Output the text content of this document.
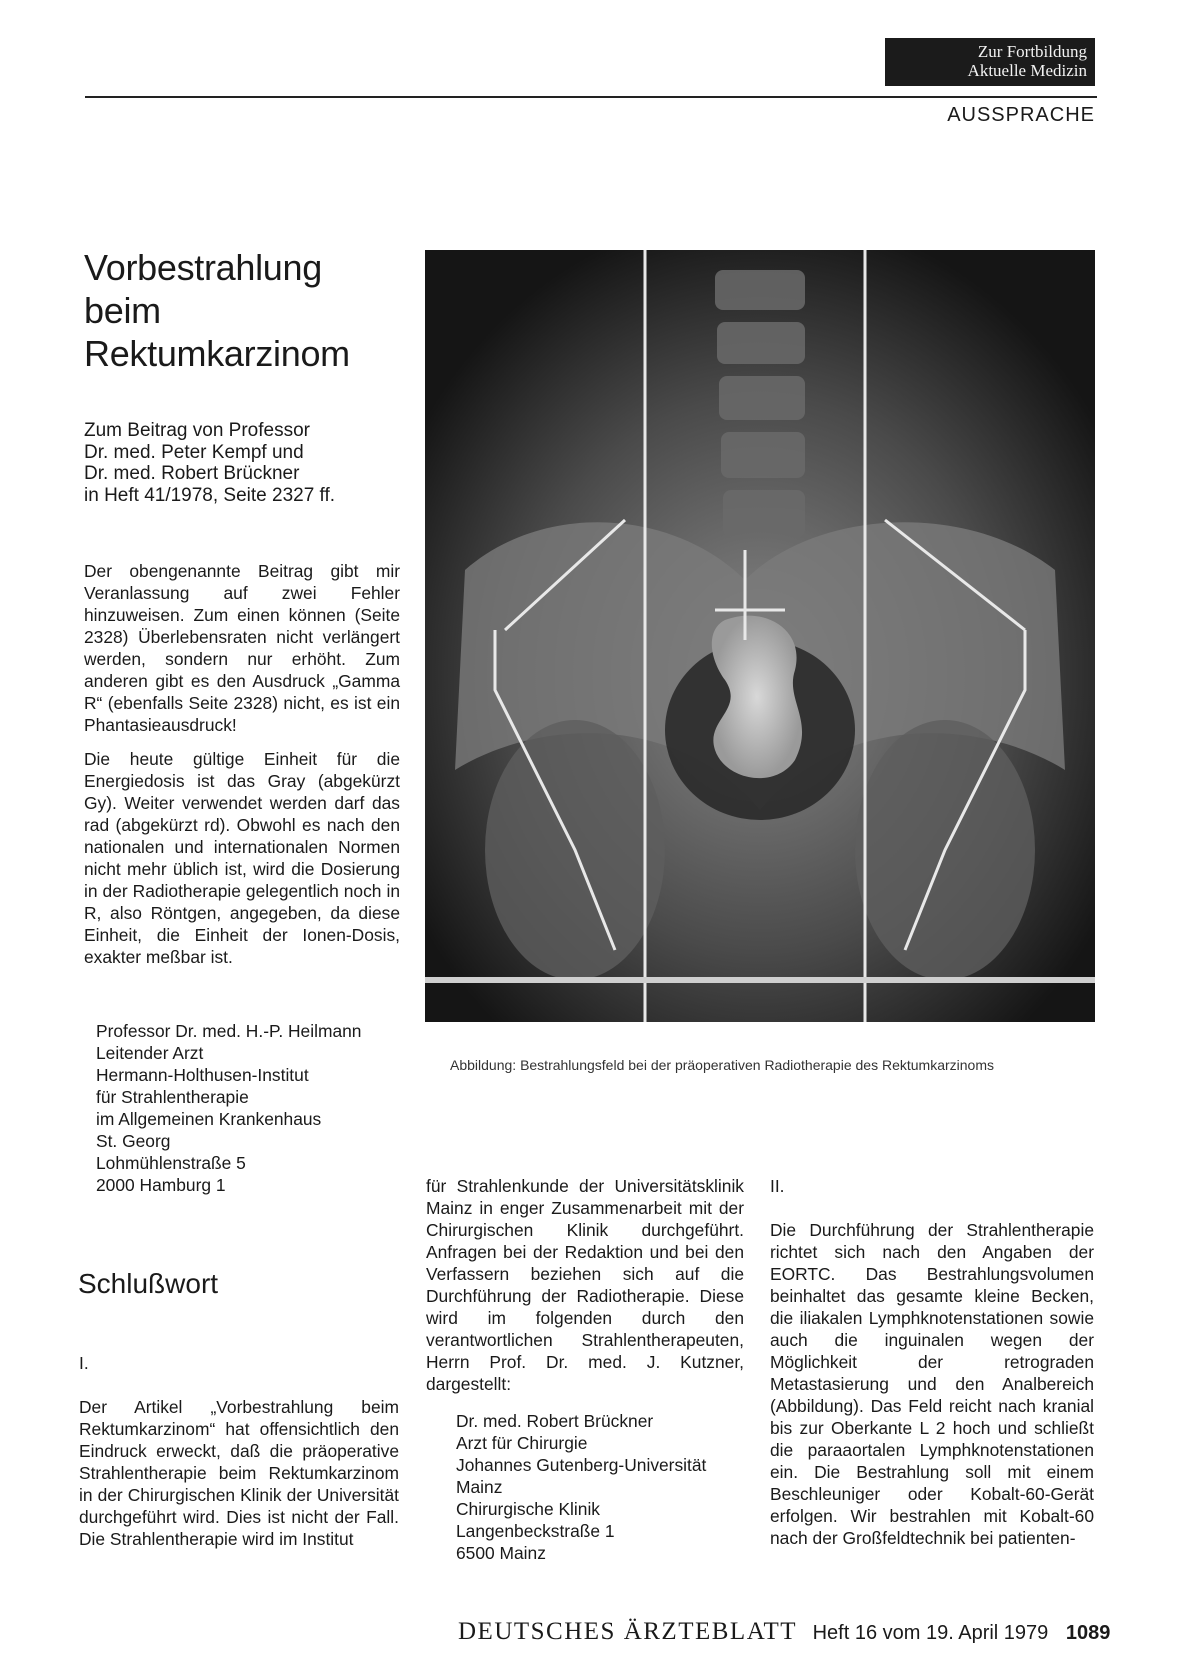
Zur Fortbildung
Aktuelle Medizin
AUSSPRACHE
Vorbestrahlung
beim
Rektumkarzinom
Zum Beitrag von Professor
Dr. med. Peter Kempf und
Dr. med. Robert Brückner
in Heft 41/1978, Seite 2327 ff.

Der obengenannte Beitrag gibt mir Veranlassung auf zwei Fehler hinzuweisen. Zum einen können (Seite 2328) Überlebensraten nicht verlängert werden, sondern nur erhöht. Zum anderen gibt es den Ausdruck „Gamma R“ (ebenfalls Seite 2328) nicht, es ist ein Phantasieausdruck!

Die heute gültige Einheit für die Energiedosis ist das Gray (abgekürzt Gy). Weiter verwendet werden darf das rad (abgekürzt rd). Obwohl es nach den nationalen und internationalen Normen nicht mehr üblich ist, wird die Dosierung in der Radiotherapie gelegentlich noch in R, also Röntgen, angegeben, da diese Einheit, die Einheit der Ionen-Dosis, exakter meßbar ist.

Professor Dr. med. H.-P. Heilmann
Leitender Arzt
Hermann-Holthusen-Institut
für Strahlentherapie
im Allgemeinen Krankenhaus
St. Georg
Lohmühlenstraße 5
2000 Hamburg 1
Schlußwort

I.

Der Artikel „Vorbestrahlung beim Rektumkarzinom“ hat offensichtlich den Eindruck erweckt, daß die präoperative Strahlentherapie beim Rektumkarzinom in der Chirurgischen Klinik der Universität durchgeführt wird. Dies ist nicht der Fall. Die Strahlentherapie wird im Institut

für Strahlenkunde der Universitätsklinik Mainz in enger Zusammenarbeit mit der Chirurgischen Klinik durchgeführt. Anfragen bei der Redaktion und bei den Verfassern beziehen sich auf die Durchführung der Radiotherapie. Diese wird im folgenden durch den verantwortlichen Strahlentherapeuten, Herrn Prof. Dr. med. J. Kutzner, dargestellt:

Dr. med. Robert Brückner
Arzt für Chirurgie
Johannes Gutenberg-Universität
Mainz
Chirurgische Klinik
Langenbeckstraße 1
6500 Mainz

II.

Die Durchführung der Strahlentherapie richtet sich nach den Angaben der EORTC. Das Bestrahlungsvolumen beinhaltet das gesamte kleine Becken, die iliakalen Lymphknotenstationen sowie auch die inguinalen wegen der Möglichkeit der retrograden Metastasierung und den Analbereich (Abbildung). Das Feld reicht nach kranial bis zur Oberkante L 2 hoch und schließt die paraaortalen Lymphknotenstationen ein. Die Bestrahlung soll mit einem Beschleuniger oder Kobalt-60-Gerät erfolgen. Wir bestrahlen mit Kobalt-60 nach der Großfeldtechnik bei patienten-

Abbildung: Bestrahlungsfeld bei der präoperativen Radiotherapie des Rektumkarzinoms
DEUTSCHES ÄRZTEBLATT Heft 16 vom 19. April 1979 1089
